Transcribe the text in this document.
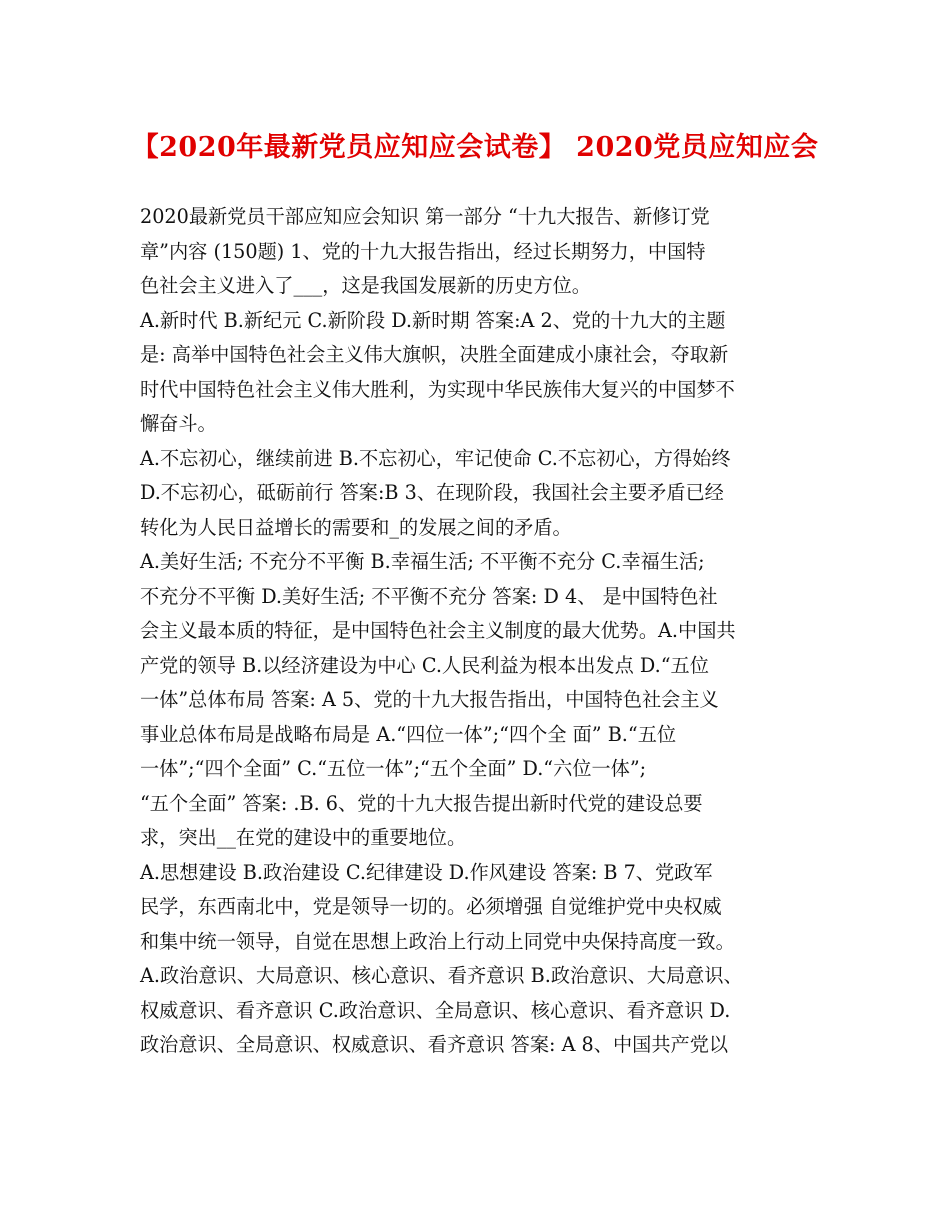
【2020年最新党员应知应会试卷】 2020党员应知应会
2020最新党员干部应知应会知识 第一部分 “十九大报告、新修订党
章”内容 (150题) 1、党的十九大报告指出，经过长期努力，中国特
色社会主义进入了___，这是我国发展新的历史方位。
A.新时代 B.新纪元 C.新阶段 D.新时期 答案:A 2、党的十九大的主题
是: 高举中国特色社会主义伟大旗帜，决胜全面建成小康社会，夺取新
时代中国特色社会主义伟大胜利，为实现中华民族伟大复兴的中国梦不
懈奋斗。
A.不忘初心，继续前进 B.不忘初心，牢记使命 C.不忘初心，方得始终
D.不忘初心，砥砺前行 答案:B 3、在现阶段，我国社会主要矛盾已经
转化为人民日益增长的需要和_的发展之间的矛盾。
A.美好生活; 不充分不平衡 B.幸福生活; 不平衡不充分 C.幸福生活;
不充分不平衡 D.美好生活; 不平衡不充分 答案: D 4、 是中国特色社
会主义最本质的特征，是中国特色社会主义制度的最大优势。A.中国共
产党的领导 B.以经济建设为中心 C.人民利益为根本出发点 D.“五位
一体”总体布局 答案: A 5、党的十九大报告指出，中国特色社会主义
事业总体布局是战略布局是 A.“四位一体”;“四个全 面” B.“五位
一体”;“四个全面” C.“五位一体”;“五个全面” D.“六位一体”;
“五个全面” 答案: .B. 6、党的十九大报告提出新时代党的建设总要
求，突出__在党的建设中的重要地位。
A.思想建设 B.政治建设 C.纪律建设 D.作风建设 答案: B 7、党政军
民学，东西南北中，党是领导一切的。必须增强 自觉维护党中央权威
和集中统一领导，自觉在思想上政治上行动上同党中央保持高度一致。
A.政治意识、大局意识、核心意识、看齐意识 B.政治意识、大局意识、
权威意识、看齐意识 C.政治意识、全局意识、核心意识、看齐意识 D.
政治意识、全局意识、权威意识、看齐意识 答案: A 8、中国共产党以
